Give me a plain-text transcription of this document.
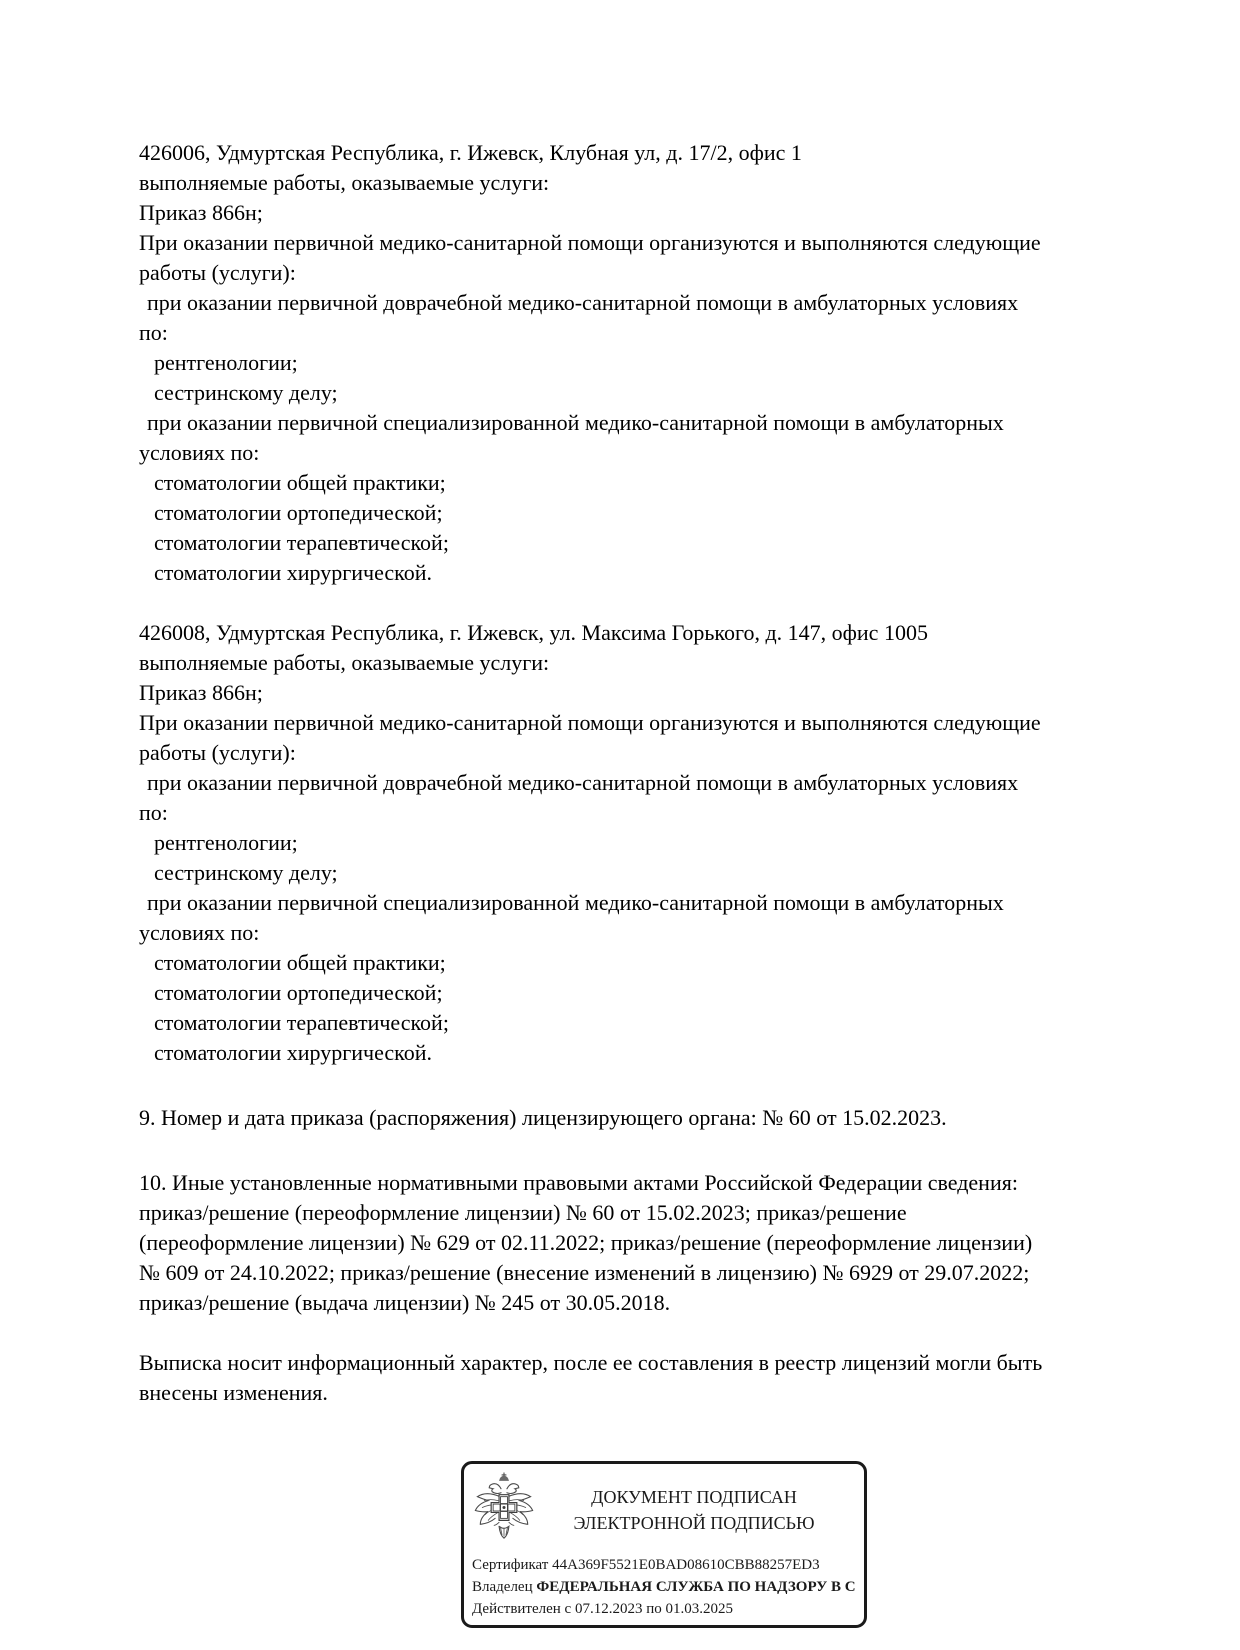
426006, Удмуртская Республика, г. Ижевск, Клубная ул, д. 17/2, офис 1
выполняемые работы, оказываемые услуги:
Приказ 866н;
При оказании первичной медико-санитарной помощи организуются и выполняются следующие
работы (услуги):
при оказании первичной доврачебной медико-санитарной помощи в амбулаторных условиях
по:
рентгенологии;
сестринскому делу;
при оказании первичной специализированной медико-санитарной помощи в амбулаторных
условиях по:
стоматологии общей практики;
стоматологии ортопедической;
стоматологии терапевтической;
стоматологии хирургической.
426008, Удмуртская Республика, г. Ижевск, ул. Максима Горького, д. 147, офис 1005
выполняемые работы, оказываемые услуги:
Приказ 866н;
При оказании первичной медико-санитарной помощи организуются и выполняются следующие
работы (услуги):
при оказании первичной доврачебной медико-санитарной помощи в амбулаторных условиях
по:
рентгенологии;
сестринскому делу;
при оказании первичной специализированной медико-санитарной помощи в амбулаторных
условиях по:
стоматологии общей практики;
стоматологии ортопедической;
стоматологии терапевтической;
стоматологии хирургической.
9. Номер и дата приказа (распоряжения) лицензирующего органа: № 60 от 15.02.2023.
10. Иные установленные нормативными правовыми актами Российской Федерации сведения:
приказ/решение (переоформление лицензии) № 60 от 15.02.2023; приказ/решение
(переоформление лицензии) № 629 от 02.11.2022; приказ/решение (переоформление лицензии)
№ 609 от 24.10.2022; приказ/решение (внесение изменений в лицензию) № 6929 от 29.07.2022;
приказ/решение (выдача лицензии) № 245 от 30.05.2018.
Выписка носит информационный характер, после ее составления в реестр лицензий могли быть
внесены изменения.
ДОКУМЕНТ ПОДПИСАН
ЭЛЕКТРОННОЙ ПОДПИСЬЮ
Сертификат 44A369F5521E0BAD08610CBB88257ED3
Владелец ФЕДЕРАЛЬНАЯ СЛУЖБА ПО НАДЗОРУ В С
Действителен с 07.12.2023 по 01.03.2025
